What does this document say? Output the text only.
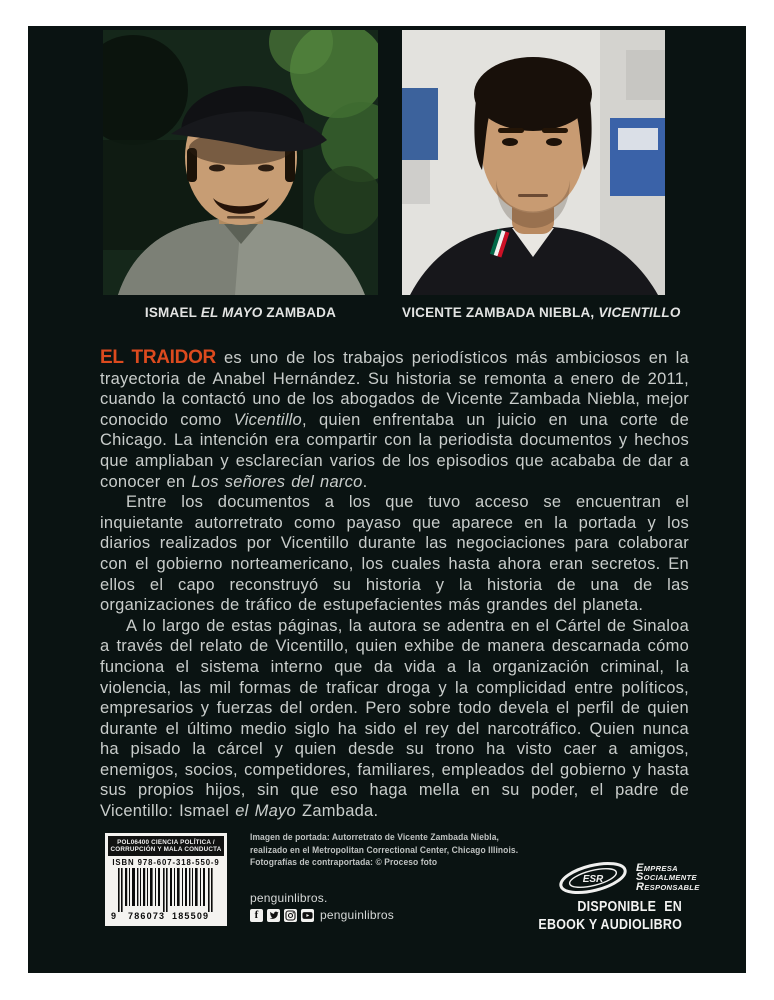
ISMAEL EL MAYO ZAMBADA	VICENTE ZAMBADA NIEBLA, VICENTILLO

EL TRAIDOR es uno de los trabajos periodísticos más ambiciosos en la trayectoria de Anabel Hernández. Su historia se remonta a enero de 2011, cuando la contactó uno de los abogados de Vicente Zambada Niebla, mejor conocido como Vicentillo, quien enfrentaba un juicio en una corte de Chicago. La intención era compartir con la periodista documentos y hechos que ampliaban y esclarecían varios de los episodios que acababa de dar a conocer en Los señores del narco.

Entre los documentos a los que tuvo acceso se encuentran el inquietante autorretrato como payaso que aparece en la portada y los diarios realizados por Vicentillo durante las negociaciones para colaborar con el gobierno norteamericano, los cuales hasta ahora eran secretos. En ellos el capo reconstruyó su historia y la historia de una de las organizaciones de tráfico de estupefacientes más grandes del planeta.

A lo largo de estas páginas, la autora se adentra en el Cártel de Sinaloa a través del relato de Vicentillo, quien exhibe de manera descarnada cómo funciona el sistema interno que da vida a la organización criminal, la violencia, las mil formas de traficar droga y la complicidad entre políticos, empresarios y fuerzas del orden. Pero sobre todo devela el perfil de quien durante el último medio siglo ha sido el rey del narcotráfico. Quien nunca ha pisado la cárcel y quien desde su trono ha visto caer a amigos, enemigos, socios, competidores, familiares, empleados del gobierno y hasta sus propios hijos, sin que eso haga mella en su poder, el padre de Vicentillo: Ismael el Mayo Zambada.

POL06400 CIENCIA POLÍTICA /
CORRUPCIÓN Y MALA CONDUCTA
ISBN 978-607-318-550-9
9 786073 185509
Imagen de portada: Autorretrato de Vicente Zambada Niebla,
realizado en el Metropolitan Correctional Center, Chicago Illinois.
Fotografías de contraportada: © Proceso foto
penguinlibros.
f	penguinlibros
ESR
EMPRESA
SOCIALMENTE
RESPONSABLE
DISPONIBLE EN
EBOOK Y AUDIOLIBRO
